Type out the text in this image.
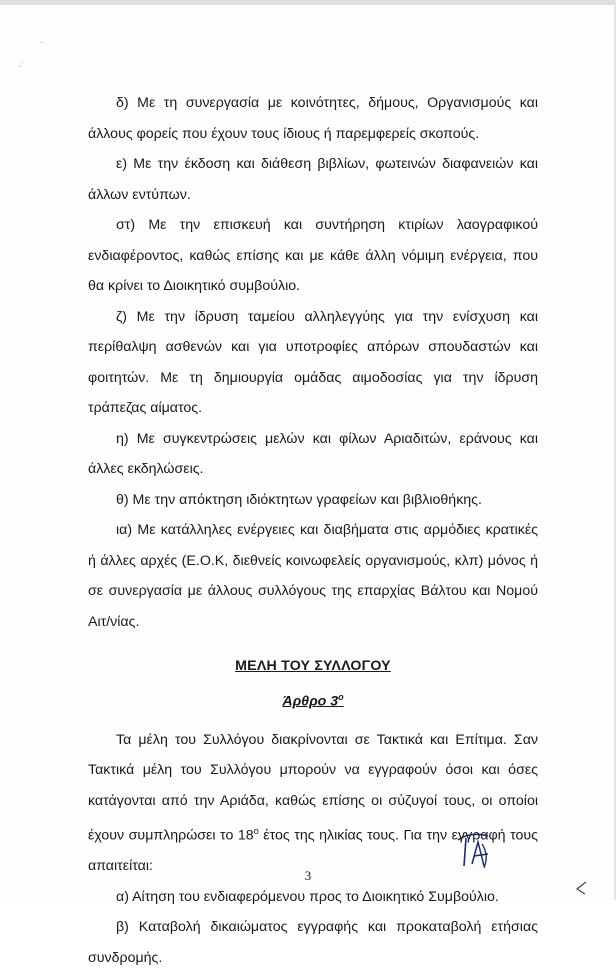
·
·˙

δ) Με τη συνεργασία με κοινότητες, δήμους, Οργανισμούς και άλλους φορείς που έχουν τους ίδιους ή παρεμφερείς σκοπούς.

ε) Με την έκδοση και διάθεση βιβλίων, φωτεινών διαφανειών και άλλων εντύπων.

στ) Με την επισκευή και συντήρηση κτιρίων λαογραφικού ενδιαφέροντος, καθώς επίσης και με κάθε άλλη νόμιμη ενέργεια, που θα κρίνει το Διοικητικό συμβούλιο.

ζ) Με την ίδρυση ταμείου αλληλεγγύης για την ενίσχυση και περίθαλψη ασθενών και για υποτροφίες απόρων σπουδαστών και φοιτητών. Με τη δημιουργία ομάδας αιμοδοσίας για την ίδρυση τράπεζας αίματος.

η) Με συγκεντρώσεις μελών και φίλων Αριαδιτών, εράνους και άλλες εκδηλώσεις.

θ) Με την απόκτηση ιδιόκτητων γραφείων και βιβλιοθήκης.

ια) Με κατάλληλες ενέργειες και διαβήματα στις αρμόδιες κρατικές ή άλλες αρχές (Ε.Ο.Κ, διεθνείς κοινωφελείς οργανισμούς, κλπ) μόνος ή σε συνεργασία με άλλους συλλόγους της επαρχίας Βάλτου και Νομού Αιτ/νίας.

ΜΕΛΗ ΤΟΥ ΣΥΛΛΟΓΟΥ

Άρθρο $3^o$

Τα μέλη του Συλλόγου διακρίνονται σε Τακτικά και Επίτιμα. Σαν Τακτικά μέλη του Συλλόγου μπορούν να εγγραφούν όσοι και όσες κατάγονται από την Αριάδα, καθώς επίσης οι σύζυγοί τους, οι οποίοι έχουν συμπληρώσει το $18^o$ έτος της ηλικίας τους. Για την εγγραφή τους απαιτείται:

α) Αίτηση του ενδιαφερόμενου προς το Διοικητικό Συμβούλιο.

β) Καταβολή δικαιώματος εγγραφής και προκαταβολή ετήσιας συνδρομής.

3
